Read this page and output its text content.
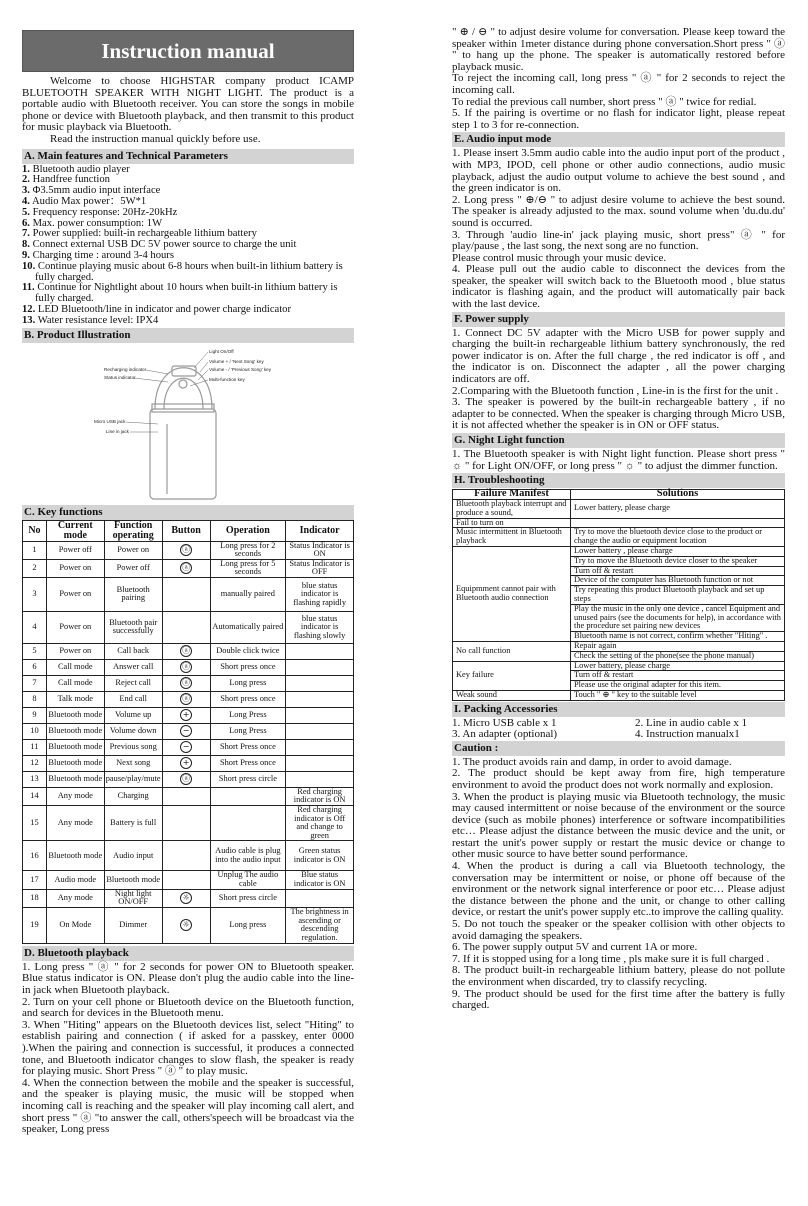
Instruction manual

Welcome to choose HIGHSTAR company product ICAMP BLUETOOTH SPEAKER WITH NIGHT LIGHT. The product is a portable audio with Bluetooth receiver. You can store the songs in mobile phone or device with Bluetooth playback, and then transmit to this product for music playback via Bluetooth.

Read the instruction manual quickly before use.

A. Main features and Technical Parameters
1. Bluetooth audio player
2. Handfree function
3. Φ3.5mm audio input interface
4. Audio Max power：5W*1
5. Frequency response: 20Hz-20kHz
6. Max. power consumption: 1W
7. Power supplied: built-in rechargeable lithium battery
8. Connect external USB DC 5V power source to charge the unit
9. Charging time : around 3-4 hours
10. Continue playing music about 6-8 hours when built-in lithium battery is fully charged.
11. Continue for Nightlight about 10 hours when built-in lithium battery is fully charged.
12. LED Bluetooth/line in indicator and power charge indicator
13. Water resistance level: IPX4
B. Product Illustration
Light On/Off
Volume + / 'Next Song' key
Volume - / 'Previous Song' key
Multi-function key
Recharging indicator
Status indicator
Micro USB jack
Line in jack
C. Key functions
No	Current mode	Function operating	Button	Operation	Indicator
1	Power off	Power on	ⓐ	Long press for 2 seconds	Status Indicator is ON
2	Power on	Power off	ⓐ	Long press for 5 seconds	Status Indicator is OFF
3	Power on	Bluetooth pairing		manually paired	blue status indicator is flashing rapidly
4	Power on	Bluetooth pair successfully		Automatically paired	blue status indicator is flashing slowly
5	Power on	Call back	ⓐ	Double click twice	
6	Call mode	Answer call	ⓐ	Short press once	
7	Call mode	Reject call	ⓐ	Long press	
8	Talk mode	End call	ⓐ	Short press once	
9	Bluetooth mode	Volume up	+	Long Press	
10	Bluetooth mode	Volume down	−	Long Press	
11	Bluetooth mode	Previous song	−	Short Press once	
12	Bluetooth mode	Next song	+	Short Press once	
13	Bluetooth mode	pause/play/mute	ⓐ	Short press circle	
14	Any mode	Charging			Red charging indicator is ON
15	Any mode	Battery is full			Red charging indicator is Off and change to green
16	Bluetooth mode	Audio input		Audio cable is plug into the audio input	Green status indicator is ON
17	Audio mode	Bluetooth mode		Unplug The audio cable	Blue status indicator is ON
18	Any mode	Night light ON/OFF	☼	Short press circle	
19	On Mode	Dimmer	☼	Long press	The brightness in ascending or descending regulation.
D. Bluetooth playback

1. Long press " ⓐ " for 2 seconds for power ON to Bluetooth speaker. Blue status indicator is ON. Please don't plug the audio cable into the line- in jack when Bluetooth playback.

2. Turn on your cell phone or Bluetooth device on the Bluetooth function, and search for devices in the Bluetooth menu.

3. When "Hiting" appears on the Bluetooth devices list, select "Hiting" to establish pairing and connection ( if asked for a passkey, enter 0000 ).When the pairing and connection is successful, it produces a connected tone, and Bluetooth indicator changes to slow flash, the speaker is ready for playing music. Short Press " ⓐ " to play music.

4. When the connection between the mobile and the speaker is successful, and the speaker is playing music, the music will be stopped when incoming call is reaching and the speaker will play incoming call alert, and short press " ⓐ "to answer the call, others'speech will be broadcast via the speaker, Long press

" ⊕ / ⊖ " to adjust desire volume for conversation. Please keep toward the speaker within 1meter distance during phone conversation.Short press " ⓐ " to hang up the phone. The speaker is automatically restored before playback music.

To reject the incoming call, long press " ⓐ " for 2 seconds to reject the incoming call.

To redial the previous call number, short press " ⓐ " twice for redial.

5. If the pairing is overtime or no flash for indicator light, please repeat step 1 to 3 for re-connection.

E. Audio input mode

1. Please insert 3.5mm audio cable into the audio input port of the product , with MP3, IPOD, cell phone or other audio connections, audio music playback, adjust the audio output volume to achieve the best sound , and the green indicator is on.

2. Long press " ⊕/⊖ " to adjust desire volume to achieve the best sound. The speaker is already adjusted to the max. sound volume when 'du.du.du' sound is occurred.

3. Through 'audio line-in' jack playing music, short press" ⓐ " for play/pause , the last song, the next song are no function.

Please control music through your music device.

4. Please pull out the audio cable to disconnect the devices from the speaker, the speaker will switch back to the Bluetooth mood , blue status indicator is flashing again, and the product will automatically pair back with the last device.

F. Power supply

1. Connect DC 5V adapter with the Micro USB for power supply and charging the built-in rechargeable lithium battery synchronously, the red power indicator is on. After the full charge , the red indicator is off , and the indicator is on. Disconnect the adapter , all the power charging indicators are off.

2.Comparing with the Bluetooth function , Line-in is the first for the unit .

3. The speaker is powered by the built-in rechargeable battery , if no adapter to be connected. When the speaker is charging through Micro USB, it is not affected whether the speaker is in ON or OFF status.

G. Night Light function

1. The Bluetooth speaker is with Night light function. Please short press " ☼ " for Light ON/OFF, or long press " ☼ " to adjust the dimmer function.

H. Troubleshooting
Failure Manifest	Solutions
Bluetooth playback interrupt and produce a sound,	Lower battery, please charge
Fail to turn on	
Music intermittent in Bluetooth playback	Try to move the bluetooth device close to the product or change the audio or equipment location
Equipmment cannot pair with Bluetooth audio connection	Lower battery , please charge
	Try to move the Bluetooth device closer to the speaker
	Turn off & restart
	Device of the computer has Bluetooth function or not
	Try repeating this product Bluetooth playback and set up steps
	Play the music in the only one device , cancel Equipment and unused pairs (see the documents for help), in accordance with the procedure set pairing new devices
	Bluetooth name is not correct, confirm whether "Hiting" .
No call function	Repair again
	Check the setting of the phone(see the phone manual)
Key failure	Lower battery, please charge
	Turn off & restart
	Please use the original adapter for this item.
Weak sound	Touch " ⊕ " key to the suitable level
I. Packing Accessories
1. Micro USB cable x 1	2. Line in audio cable x 1
3. An adapter (optional)	4. Instruction manualx1
Caution :

1. The product avoids rain and damp, in order to avoid damage.

2. The product should be kept away from fire, high temperature environment to avoid the product does not work normally and explosion.

3. When the product is playing music via Bluetooth technology, the music may caused intermittent or noise because of the environment or the source device (such as mobile phones) interference or software incompatibilities etc… Please adjust the distance between the music device and the unit, or restart the unit's power supply or restart the music device or change to other music source to have better sound performance.

4. When the product is during a call via Bluetooth technology, the conversation may be intermittent or noise, or phone off because of the environment or the network signal interference or poor etc… Please adjust the distance between the phone and the unit, or change to other calling device, or restart the unit's power supply etc..to improve the calling quality.

5. Do not touch the speaker or the speaker collision with other objects to avoid damaging the speakers.

6. The power supply output 5V and current 1A or more.

7. If it is stopped using for a long time , pls make sure it is full charged .

8. The product built-in rechargeable lithium battery, please do not pollute the environment when discarded, try to classify recycling.

9. The product should be used for the first time after the battery is fully charged.
